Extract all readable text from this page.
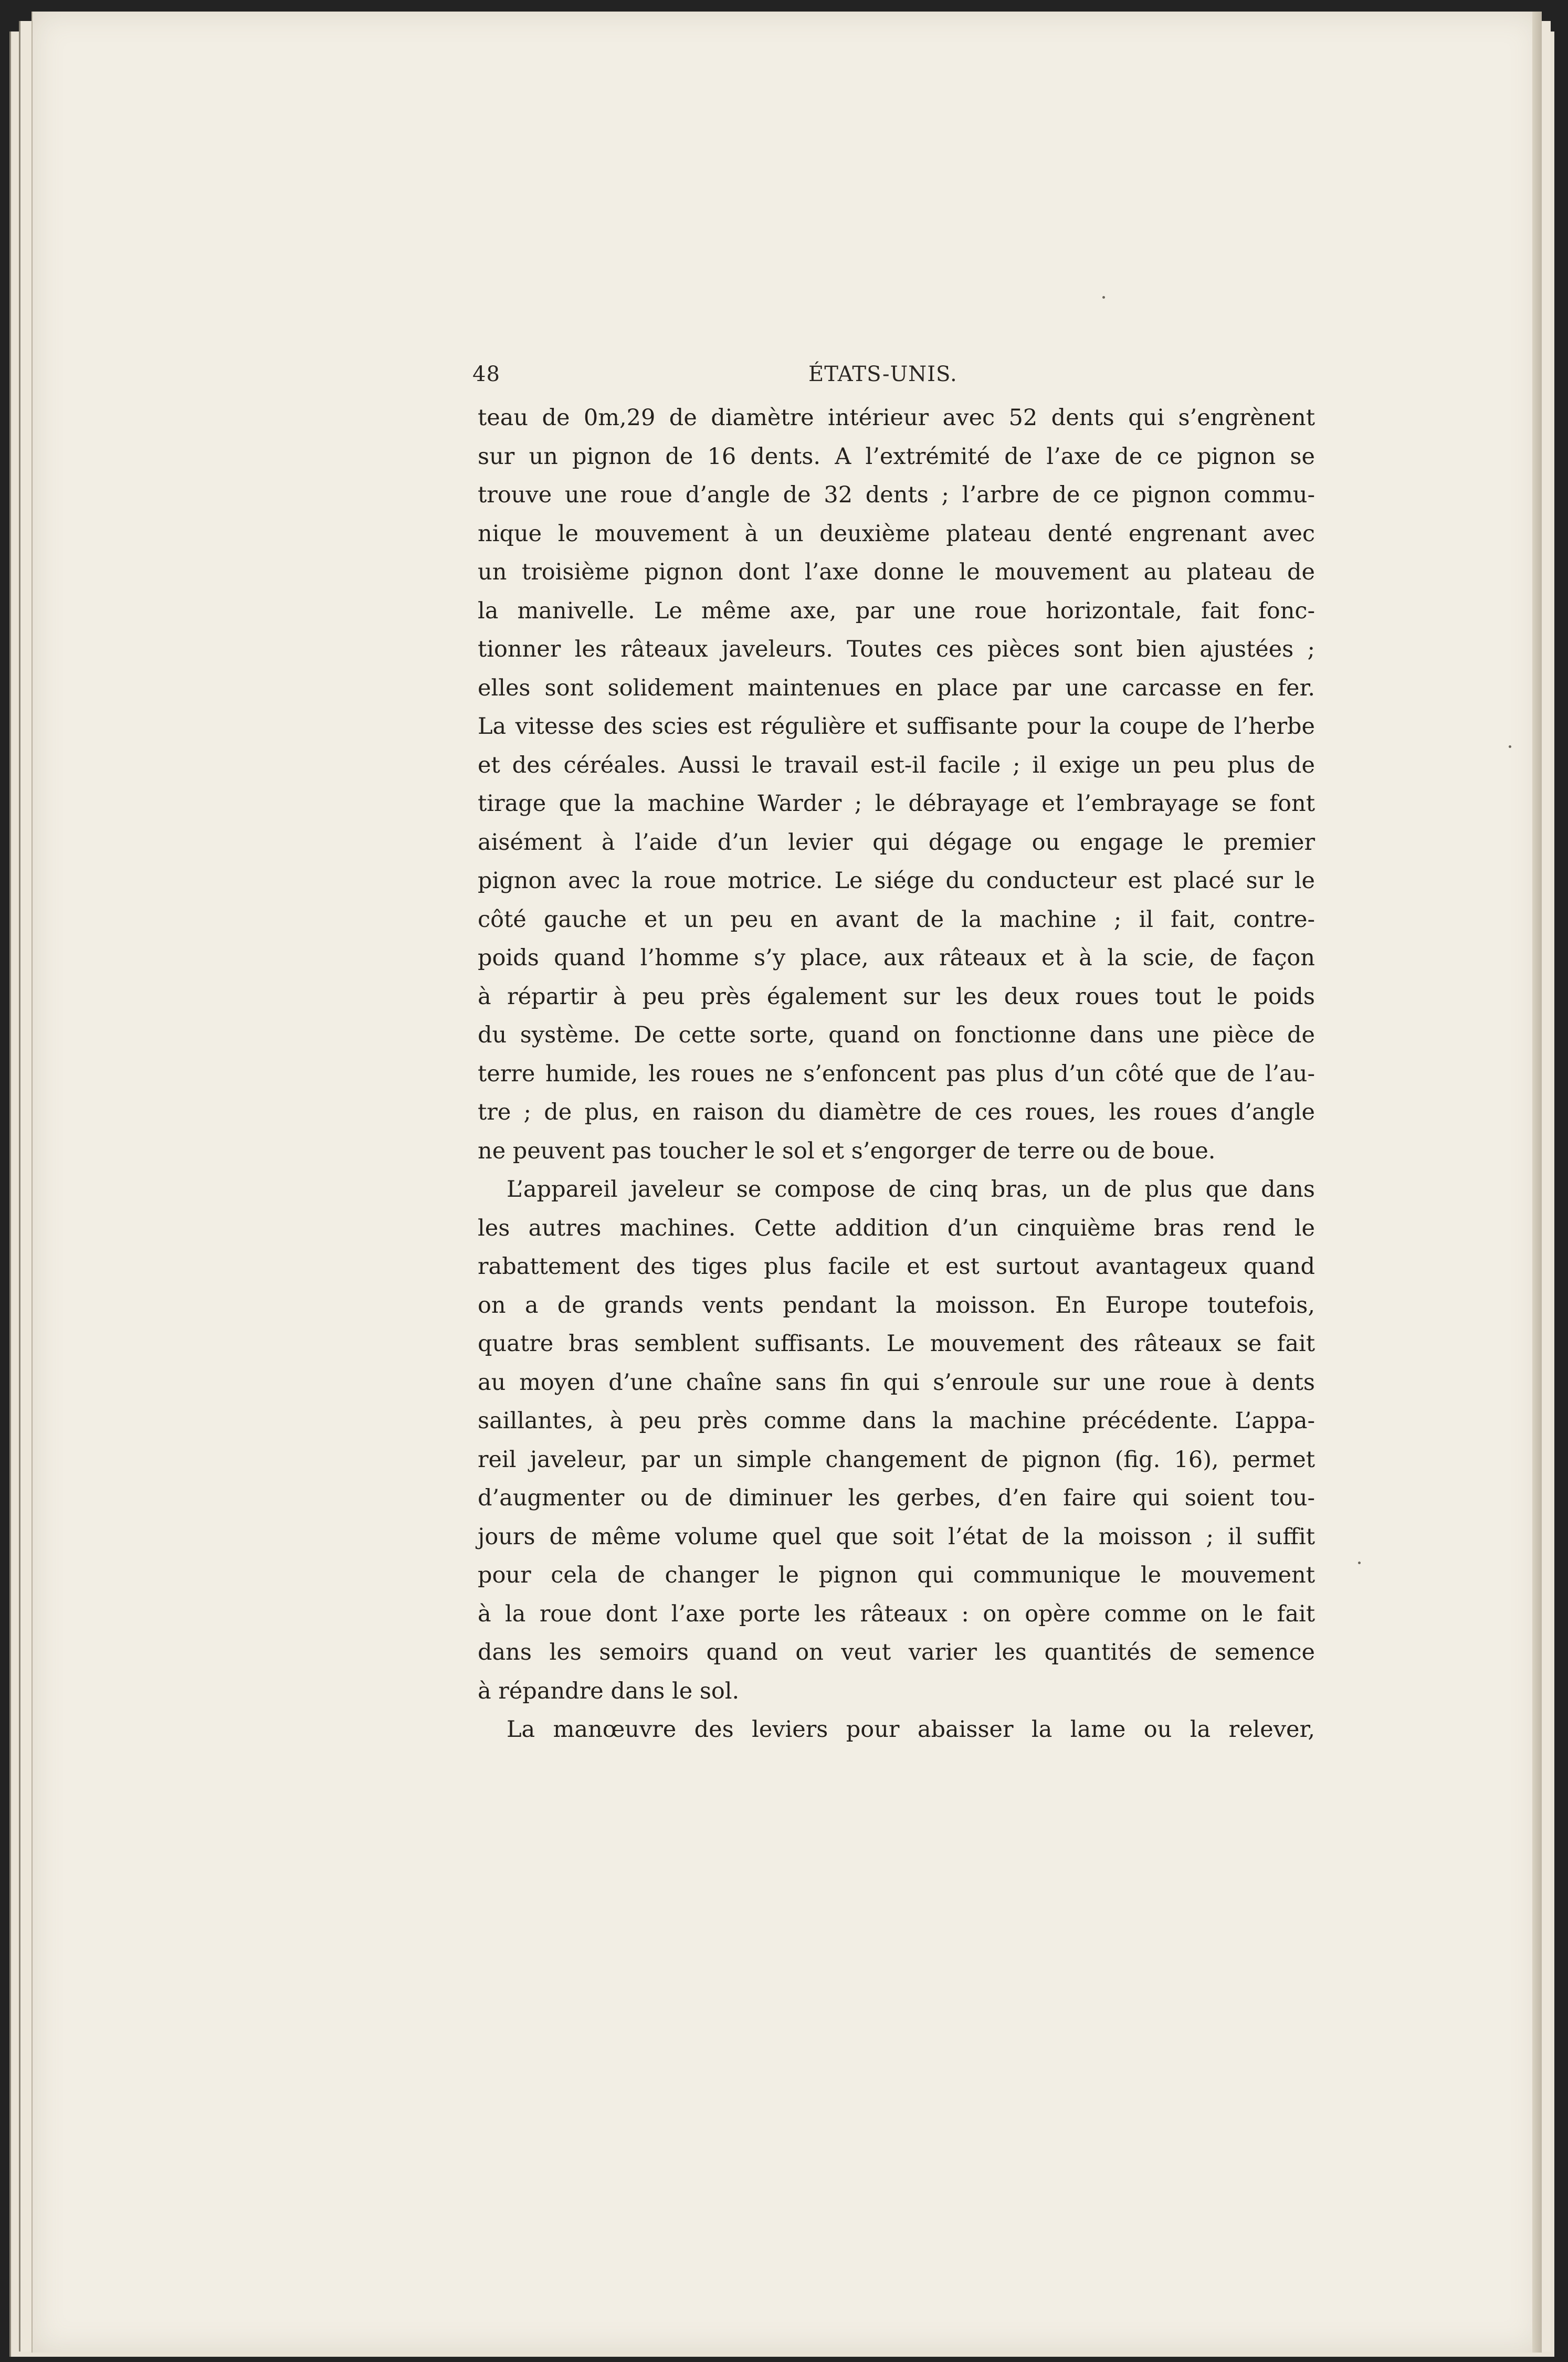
48	ÉTATS-UNIS.
teau de 0m,29 de diamètre intérieur avec 52 dents qui s’engrènent
sur un pignon de 16 dents. A l’extrémité de l’axe de ce pignon se
trouve une roue d’angle de 32 dents ; l’arbre de ce pignon commu-
nique le mouvement à un deuxième plateau denté engrenant avec
un troisième pignon dont l’axe donne le mouvement au plateau de
la manivelle. Le même axe, par une roue horizontale, fait fonc-
tionner les râteaux javeleurs. Toutes ces pièces sont bien ajustées ;
elles sont solidement maintenues en place par une carcasse en fer.
La vitesse des scies est régulière et suffisante pour la coupe de l’herbe
et des céréales. Aussi le travail est-il facile ; il exige un peu plus de
tirage que la machine Warder ; le débrayage et l’embrayage se font
aisément à l’aide d’un levier qui dégage ou engage le premier
pignon avec la roue motrice. Le siége du conducteur est placé sur le
côté gauche et un peu en avant de la machine ; il fait, contre-
poids quand l’homme s’y place, aux râteaux et à la scie, de façon
à répartir à peu près également sur les deux roues tout le poids
du système. De cette sorte, quand on fonctionne dans une pièce de
terre humide, les roues ne s’enfoncent pas plus d’un côté que de l’au-
tre ; de plus, en raison du diamètre de ces roues, les roues d’angle
ne peuvent pas toucher le sol et s’engorger de terre ou de boue.
L’appareil javeleur se compose de cinq bras, un de plus que dans
les autres machines. Cette addition d’un cinquième bras rend le
rabattement des tiges plus facile et est surtout avantageux quand
on a de grands vents pendant la moisson. En Europe toutefois,
quatre bras semblent suffisants. Le mouvement des râteaux se fait
au moyen d’une chaîne sans fin qui s’enroule sur une roue à dents
saillantes, à peu près comme dans la machine précédente. L’appa-
reil javeleur, par un simple changement de pignon (fig. 16), permet
d’augmenter ou de diminuer les gerbes, d’en faire qui soient tou-
jours de même volume quel que soit l’état de la moisson ; il suffit
pour cela de changer le pignon qui communique le mouvement
à la roue dont l’axe porte les râteaux : on opère comme on le fait
dans les semoirs quand on veut varier les quantités de semence
à répandre dans le sol.
La manœuvre des leviers pour abaisser la lame ou la relever,
